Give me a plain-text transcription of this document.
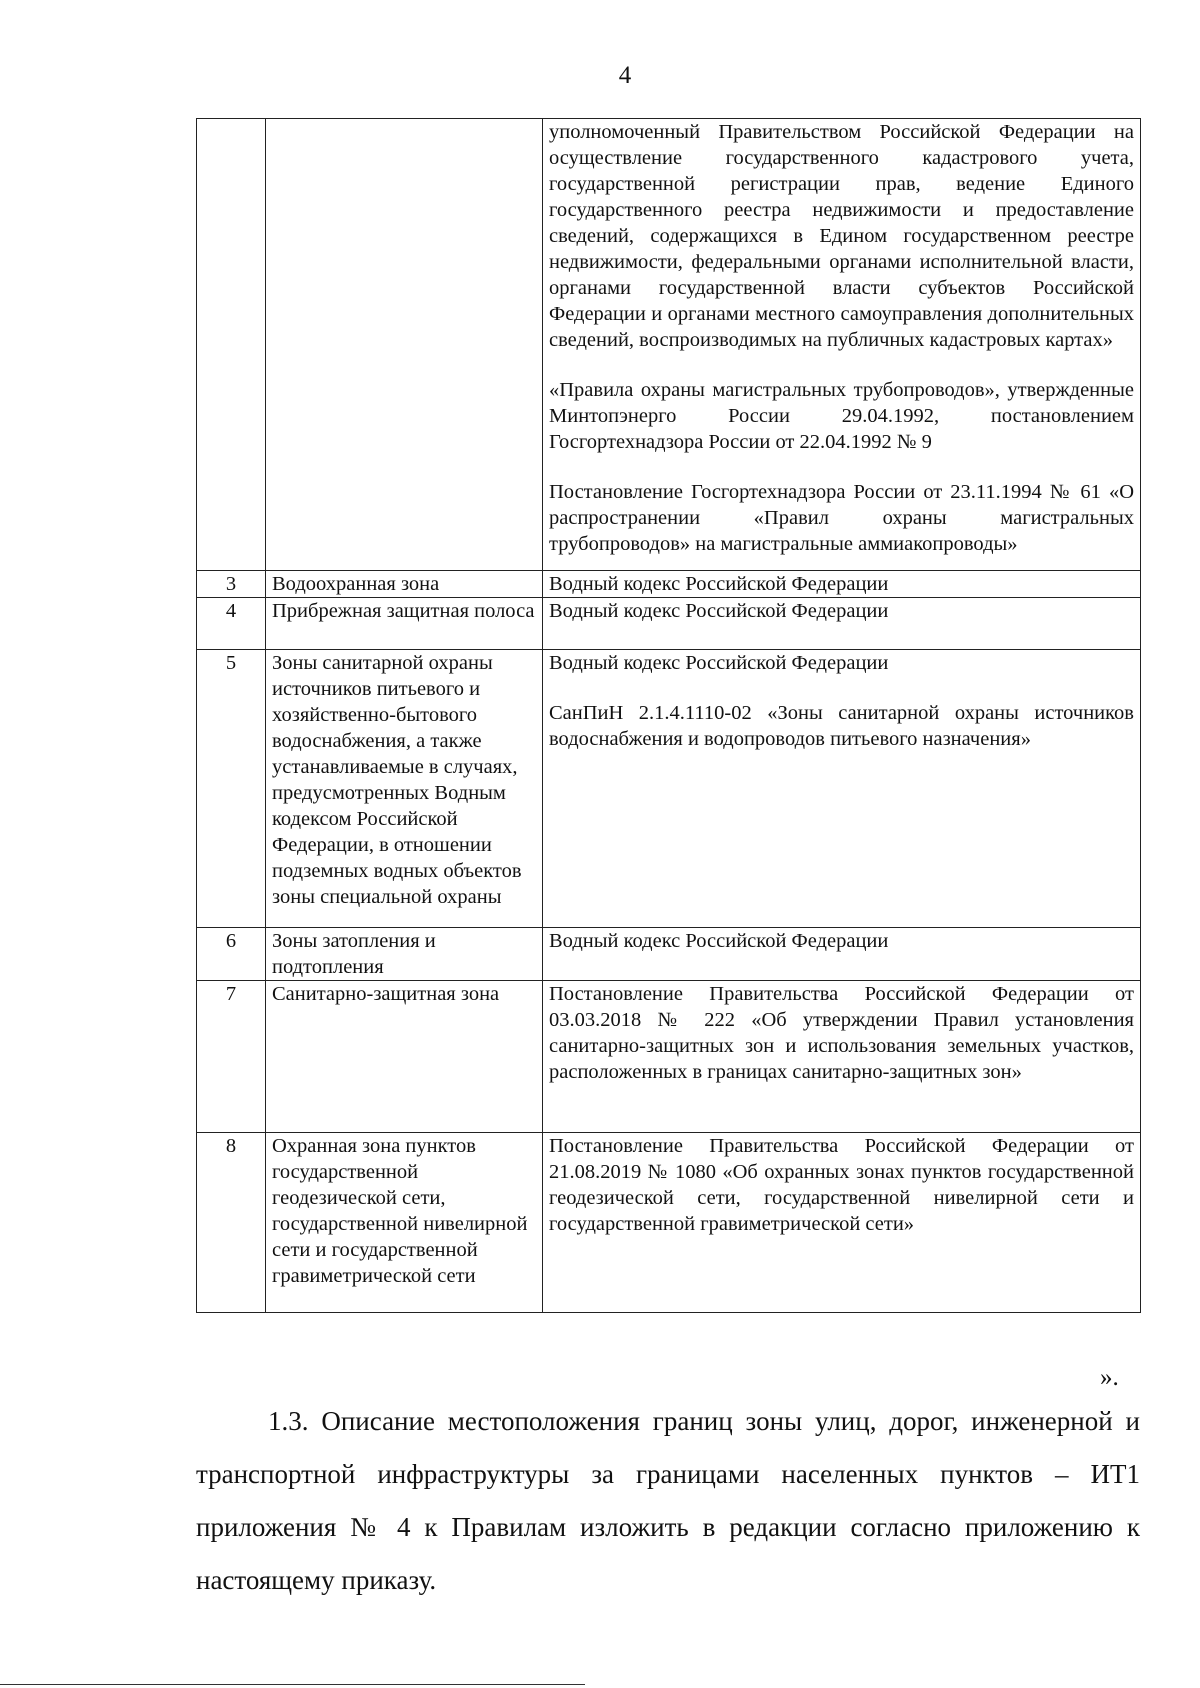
4

		уполномоченный Правительством Российской Федерации на осуществление государственного кадастрового учета, государственной регистрации прав, ведение Единого государственного реестра недвижимости и предоставление сведений, содержащихся в Едином государственном реестре недвижимости, федеральными органами исполнительной власти, органами государственной власти субъектов Российской Федерации и органами местного самоуправления дополнительных сведений, воспроизводимых на публичных кадастровых картах»
«Правила охраны магистральных трубопроводов», утвержденные Минтопэнерго России 29.04.1992, постановлением Госгортехнадзора России от 22.04.1992 № 9
Постановление Госгортехнадзора России от 23.11.1994 № 61 «О распространении «Правил охраны магистральных трубопроводов» на магистральные аммиакопроводы»

3	Водоохранная зона	Водный кодекс Российской Федерации

4	Прибрежная защитная полоса	Водный кодекс Российской Федерации

5	Зоны санитарной охраны источников питьевого и хозяйственно-бытового водоснабжения, а также устанавливаемые в случаях, предусмотренных Водным кодексом Российской Федерации, в отношении подземных водных объектов зоны специальной охраны	Водный кодекс Российской Федерации
СанПиН 2.1.4.1110-02 «Зоны санитарной охраны источников водоснабжения и водопроводов питьевого назначения»

6	Зоны затопления и подтопления	Водный кодекс Российской Федерации

7	Санитарно-защитная зона	Постановление Правительства Российской Федерации от 03.03.2018 № 222 «Об утверждении Правил установления санитарно-защитных зон и использования земельных участков, расположенных в границах санитарно-защитных зон»

8	Охранная зона пунктов государственной геодезической сети, государственной нивелирной сети и государственной гравиметрической сети	Постановление Правительства Российской Федерации от 21.08.2019 № 1080 «Об охранных зонах пунктов государственной геодезической сети, государственной нивелирной сети и государственной гравиметрической сети»
».

1.3. Описание местоположения границ зоны улиц, дорог, инженерной и транспортной инфраструктуры за границами населенных пунктов – ИТ1 приложения № 4 к Правилам изложить в редакции согласно приложению к настоящему приказу.
